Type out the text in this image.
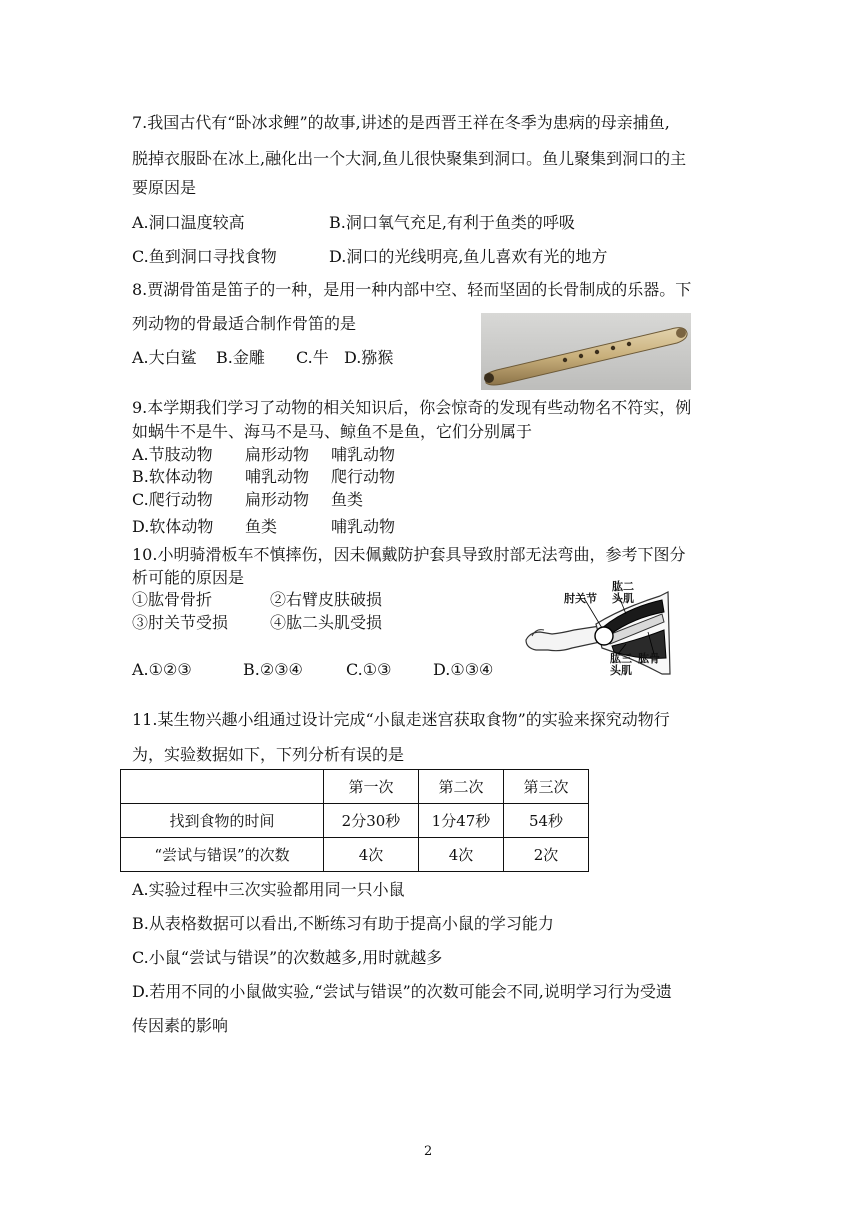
7.我国古代有“卧冰求鲤”的故事,讲述的是西晋王祥在冬季为患病的母亲捕鱼,
脱掉衣服卧在冰上,融化出一个大洞,鱼儿很快聚集到洞口。鱼儿聚集到洞口的主
要原因是
A.洞口温度较高	B.洞口氧气充足,有利于鱼类的呼吸
C.鱼到洞口寻找食物	D.洞口的光线明亮,鱼儿喜欢有光的地方
8.贾湖骨笛是笛子的一种，是用一种内部中空、轻而坚固的长骨制成的乐器。下
列动物的骨最适合制作骨笛的是
A.大白鲨 B.金雕 C.牛 D.猕猴
9.本学期我们学习了动物的相关知识后，你会惊奇的发现有些动物名不符实，例
如蜗牛不是牛、海马不是马、鲸鱼不是鱼，它们分别属于
A.节肢动物 扁形动物 哺乳动物
B.软体动物 哺乳动物 爬行动物
C.爬行动物 扁形动物 鱼类
D.软体动物 鱼类	哺乳动物
10.小明骑滑板车不慎摔伤，因未佩戴防护套具导致肘部无法弯曲，参考下图分
析可能的原因是
①肱骨骨折	②右臂皮肤破损
③肘关节受损	④肱二头肌受损
A.①②③	B.②③④	C.①③	D.①③④
肱二
头肌
肘关节
肱三
头肌
肱骨
11.某生物兴趣小组通过设计完成“小鼠走迷宫获取食物”的实验来探究动物行
为，实验数据如下，下列分析有误的是
	第一次	第二次	第三次
找到食物的时间	2分30秒	1分47秒	54秒
“尝试与错误”的次数	4次	4次	2次
A.实验过程中三次实验都用同一只小鼠
B.从表格数据可以看出,不断练习有助于提高小鼠的学习能力
C.小鼠“尝试与错误”的次数越多,用时就越多
D.若用不同的小鼠做实验,“尝试与错误”的次数可能会不同,说明学习行为受遗
传因素的影响
2
